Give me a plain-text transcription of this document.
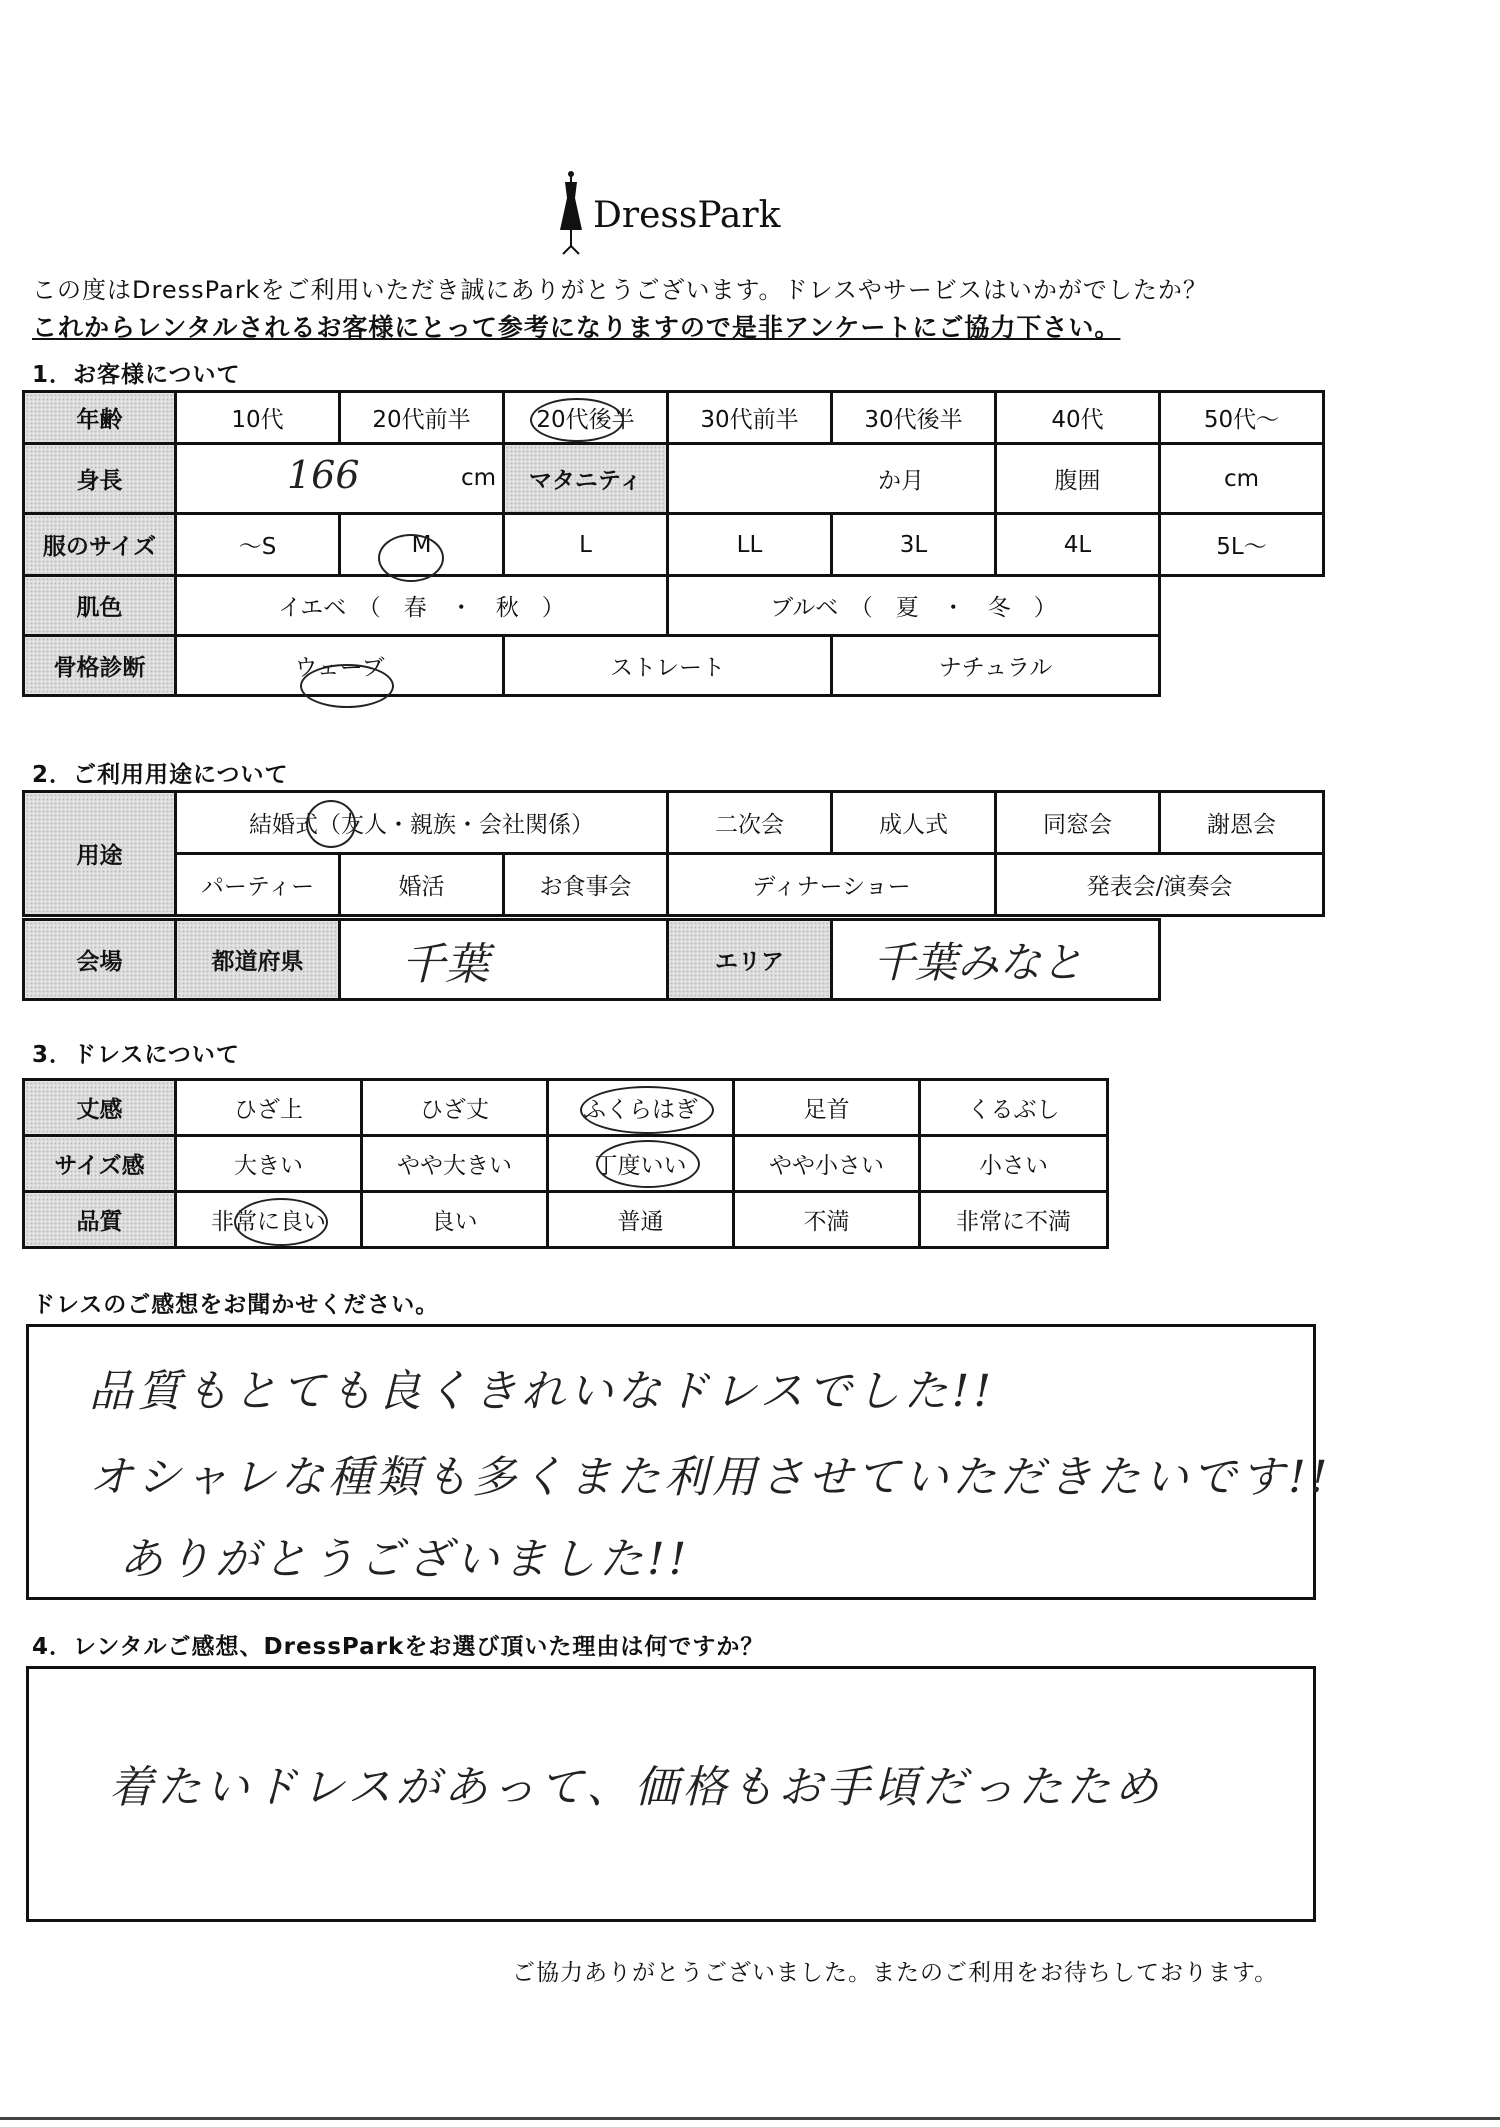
DressPark
この度はDressParkをご利用いただき誠にありがとうございます。ドレスやサービスはいかがでしたか？
これからレンタルされるお客様にとって参考になりますので是非アンケートにご協力下さい。
1．お客様について
年齢	10代	20代前半	20代後半	30代前半	30代後半	40代	50代～
身長	166 cm		マタニティ	か月		腹囲	cm
服のサイズ	～S	M	L	LL	3L	4L	5L～
肌色	イエベ　（　春　・　秋　）			ブルベ　（　夏　・　冬　）			
骨格診断	ウェーブ		ストレート		ナチュラル		
2．ご利用用途について
用途	結婚式（友人・親族・会社関係）			二次会	成人式	同窓会	謝恩会
	パーティー	婚活	お食事会	ディナーショー		発表会/演奏会	
会場	都道府県	千葉	エリア	千葉みなと	
3．ドレスについて
丈感	ひざ上	ひざ丈	ふくらはぎ	足首	くるぶし
サイズ感	大きい	やや大きい	丁度いい	やや小さい	小さい
品質	非常に良い	良い	普通	不満	非常に不満
ドレスのご感想をお聞かせください。
品質もとても良くきれいなドレスでした!!
オシャレな種類も多くまた利用させていただきたいです!!
ありがとうございました!!
4．レンタルご感想、DressParkをお選び頂いた理由は何ですか？
着たいドレスがあって、価格もお手頃だったため
ご協力ありがとうございました。またのご利用をお待ちしております。
